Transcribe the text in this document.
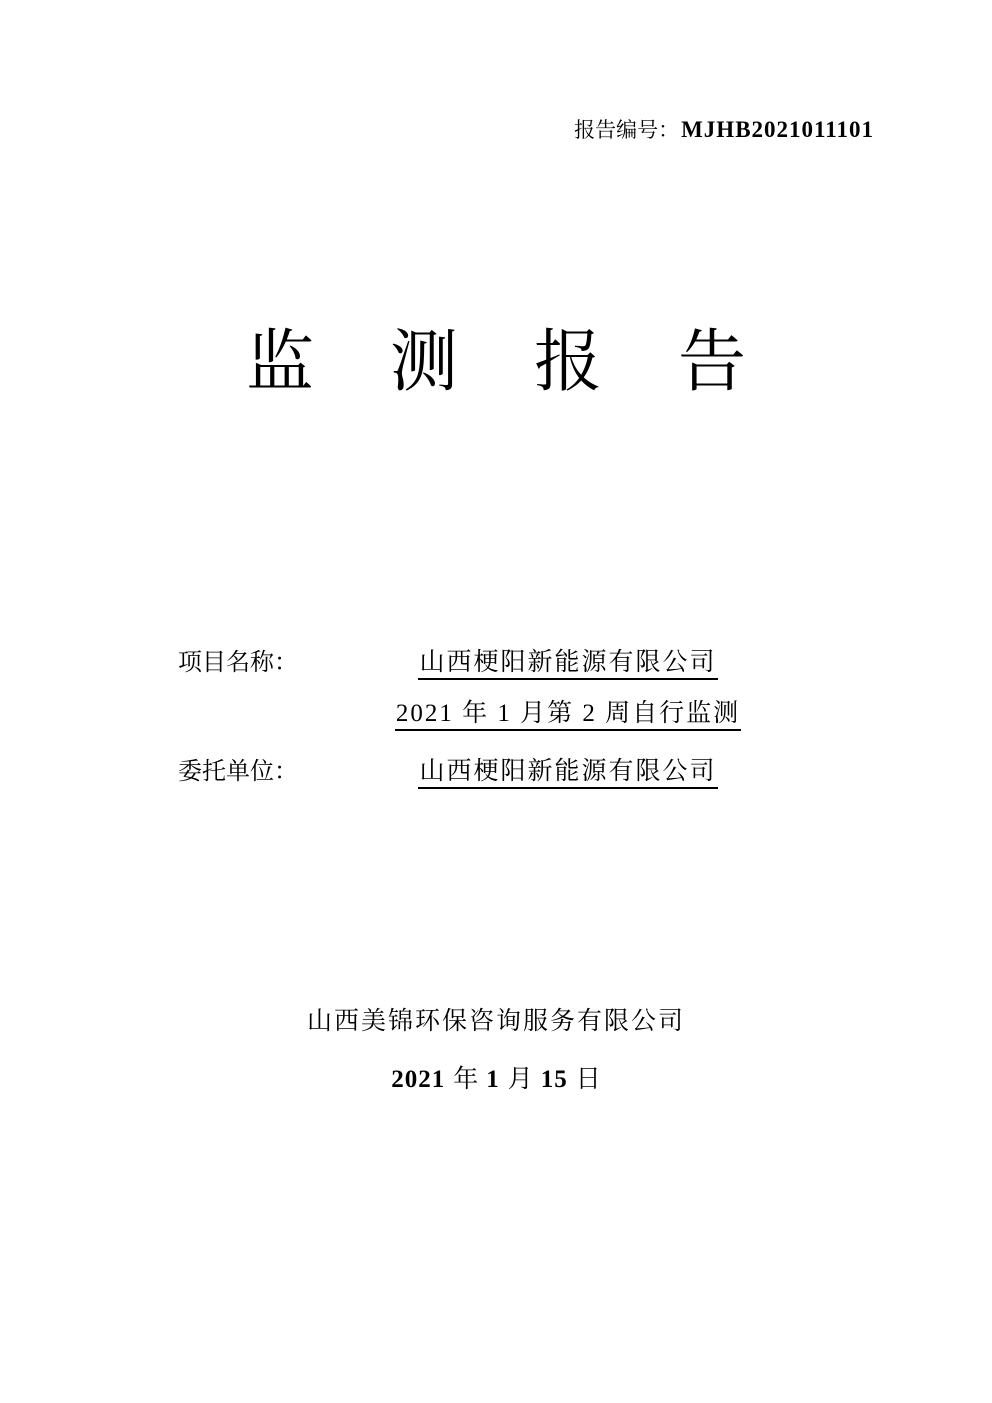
报告编号：MJHB2021011101
监测报告
项目名称：	山西梗阳新能源有限公司
2021 年 1 月第 2 周自行监测
委托单位：	山西梗阳新能源有限公司
山西美锦环保咨询服务有限公司
2021 年 1 月 15 日
